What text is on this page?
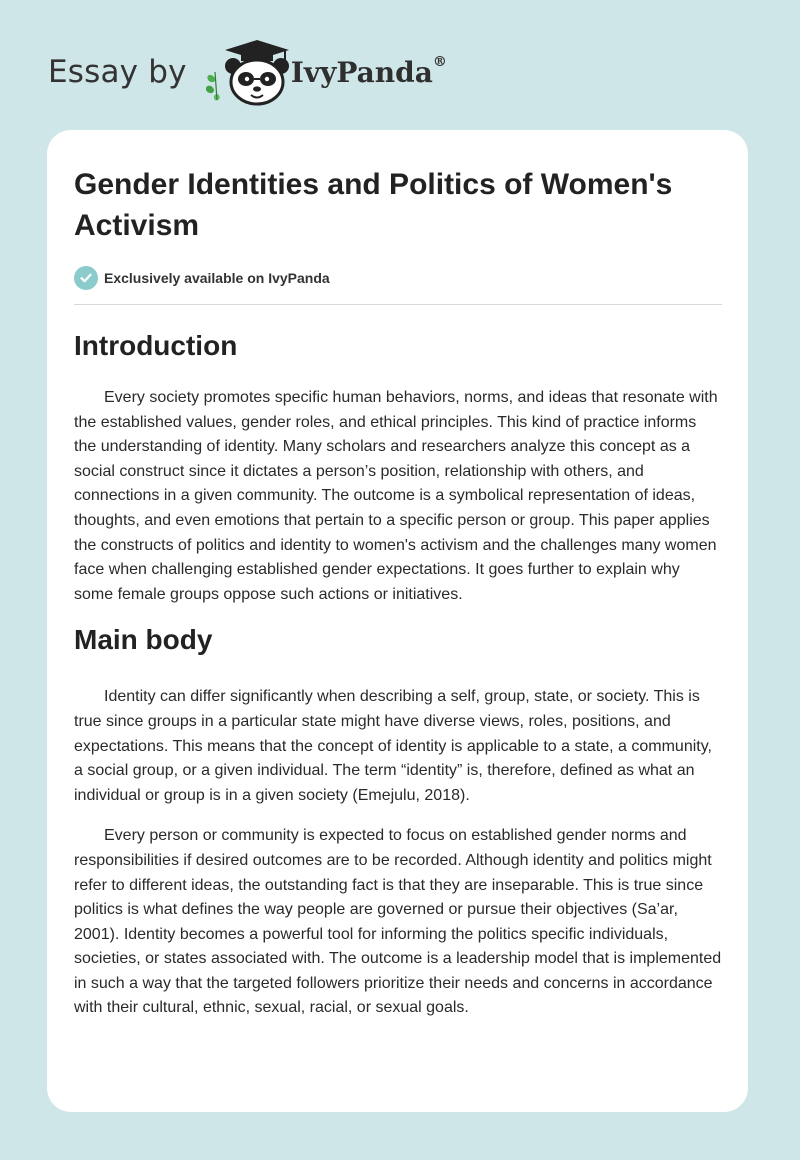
Essay by	IvyPanda®
Gender Identities and Politics of Women's Activism
Exclusively available on IvyPanda
Introduction

Every society promotes specific human behaviors, norms, and ideas that resonate with the established values, gender roles, and ethical principles. This kind of practice informs the understanding of identity. Many scholars and researchers analyze this concept as a social construct since it dictates a person’s position, relationship with others, and connections in a given community. The outcome is a symbolical representation of ideas, thoughts, and even emotions that pertain to a specific person or group. This paper applies the constructs of politics and identity to women's activism and the challenges many women face when challenging established gender expectations. It goes further to explain why some female groups oppose such actions or initiatives.

Main body

Identity can differ significantly when describing a self, group, state, or society. This is true since groups in a particular state might have diverse views, roles, positions, and expectations. This means that the concept of identity is applicable to a state, a community, a social group, or a given individual. The term “identity” is, therefore, defined as what an individual or group is in a given society (Emejulu, 2018).

Every person or community is expected to focus on established gender norms and responsibilities if desired outcomes are to be recorded. Although identity and politics might refer to different ideas, the outstanding fact is that they are inseparable. This is true since politics is what defines the way people are governed or pursue their objectives (Sa’ar, 2001). Identity becomes a powerful tool for informing the politics specific individuals, societies, or states associated with. The outcome is a leadership model that is implemented in such a way that the targeted followers prioritize their needs and concerns in accordance with their cultural, ethnic, sexual, racial, or sexual goals.
